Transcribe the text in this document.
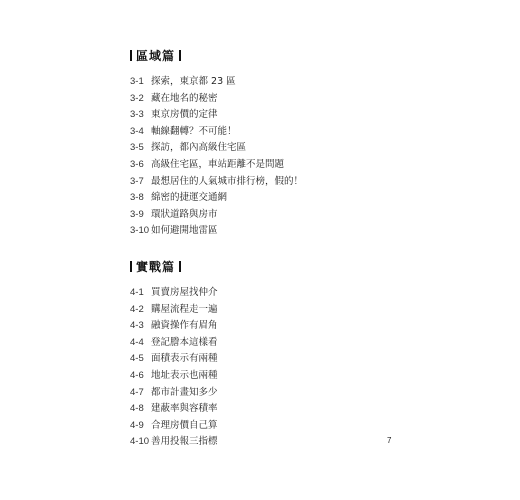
區域篇
3-1 探索，東京都 23 區
3-2 藏在地名的秘密
3-3 東京房價的定律
3-4 軸線翻轉？不可能！
3-5 探訪，都內高級住宅區
3-6 高級住宅區，車站距離不是問題
3-7 最想居住的人氣城市排行榜，假的！
3-8 綿密的捷運交通網
3-9 環狀道路與房市
3-10 如何避開地雷區
實戰篇
4-1 買賣房屋找仲介
4-2 購屋流程走一遍
4-3 融資操作有眉角
4-4 登記謄本這樣看
4-5 面積表示有兩種
4-6 地址表示也兩種
4-7 都市計畫知多少
4-8 建蔽率與容積率
4-9 合理房價自己算
4-10 善用投報三指標	7
